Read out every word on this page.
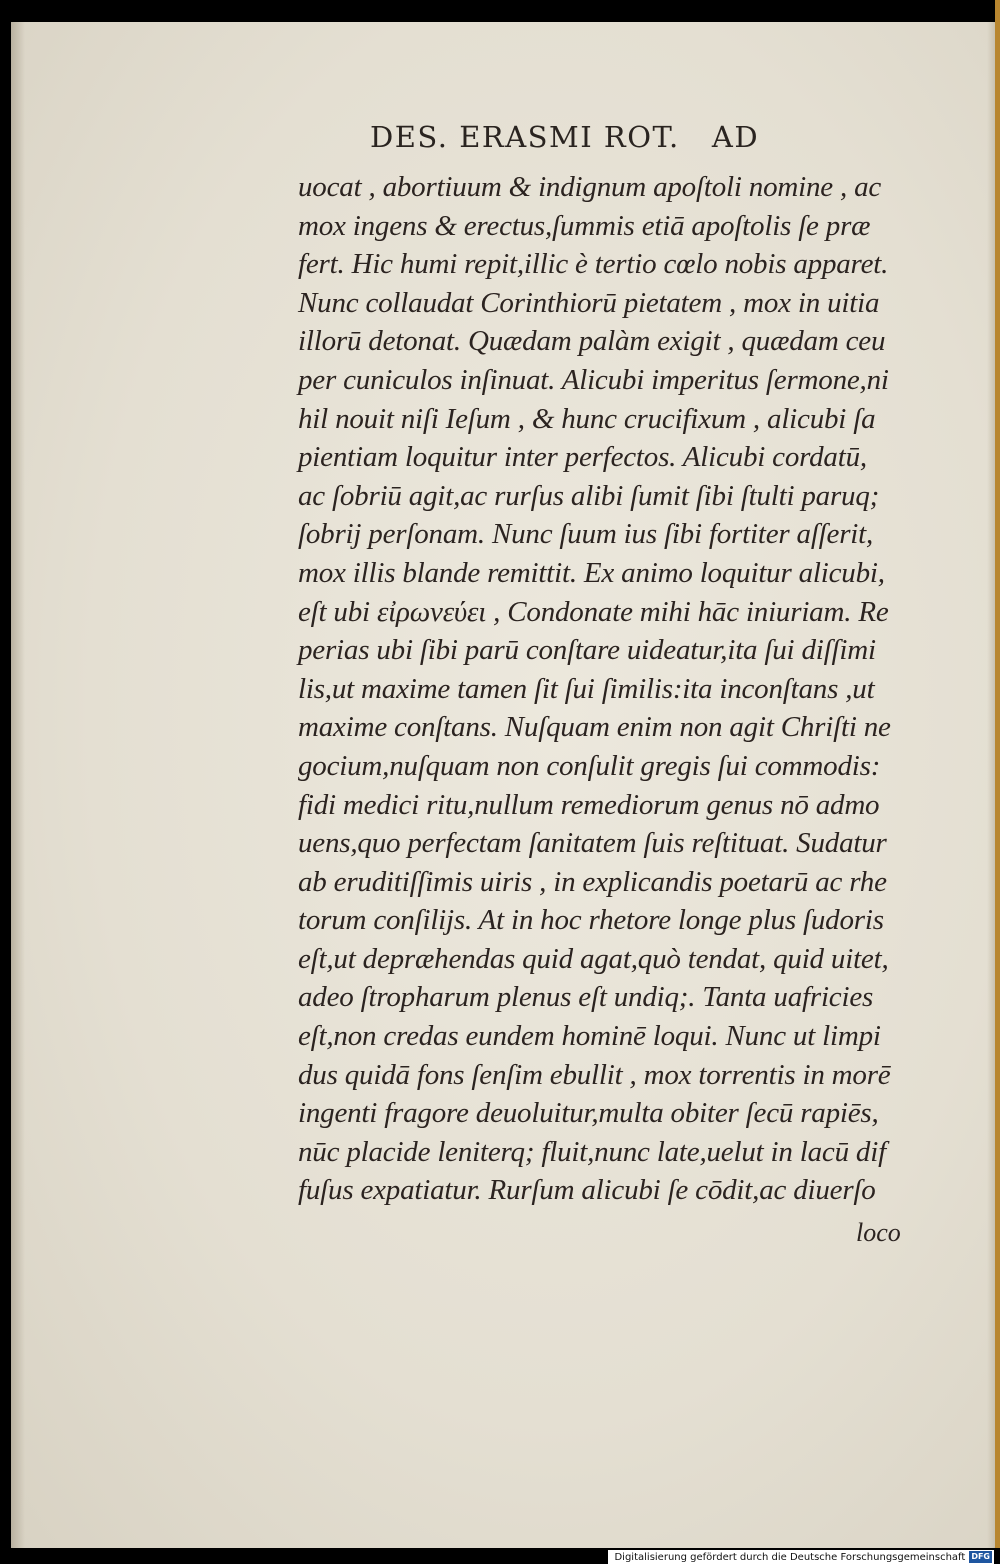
DES. ERASMI ROT.   AD
uocat , abortiuum & indignum apoſtoli nomine , ac
mox ingens & erectus,ſummis etiā apoſtolis ſe præ
fert. Hic humi repit,illic è tertio cœlo nobis apparet.
Nunc collaudat Corinthiorū pietatem , mox in uitia
illorū detonat. Quædam palàm exigit , quædam ceu
per cuniculos inſinuat. Alicubi imperitus ſermone,ni
hil nouit niſi Ieſum , & hunc crucifixum , alicubi ſa
pientiam loquitur inter perfectos. Alicubi cordatū,
ac ſobriū agit,ac rurſus alibi ſumit ſibi ſtulti paruq;
ſobrij perſonam. Nunc ſuum ius ſibi fortiter aſſerit,
mox illis blande remittit. Ex animo loquitur alicubi,
eſt ubi εἰρωνεύει , Condonate mihi hāc iniuriam. Re
perias ubi ſibi parū conſtare uideatur,ita ſui diſſimi
lis,ut maxime tamen ſit ſui ſimilis:ita inconſtans ,ut
maxime conſtans. Nuſquam enim non agit Chriſti ne
gocium,nuſquam non conſulit gregis ſui commodis:
fidi medici ritu,nullum remediorum genus nō admo
uens,quo perfectam ſanitatem ſuis reſtituat. Sudatur
ab eruditiſſimis uiris , in explicandis poetarū ac rhe
torum conſilijs. At in hoc rhetore longe plus ſudoris
eſt,ut depræhendas quid agat,quò tendat, quid uitet,
adeo ſtropharum plenus eſt undiq;. Tanta uafricies
eſt,non credas eundem hominē loqui. Nunc ut limpi
dus quidā fons ſenſim ebullit , mox torrentis in morē
ingenti fragore deuoluitur,multa obiter ſecū rapiēs,
nūc placide leniterq; fluit,nunc late,uelut in lacū dif
fuſus expatiatur. Rurſum alicubi ſe cōdit,ac diuerſo
loco
Digitalisierung gefördert durch die Deutsche Forschungsgemeinschaft DFG
